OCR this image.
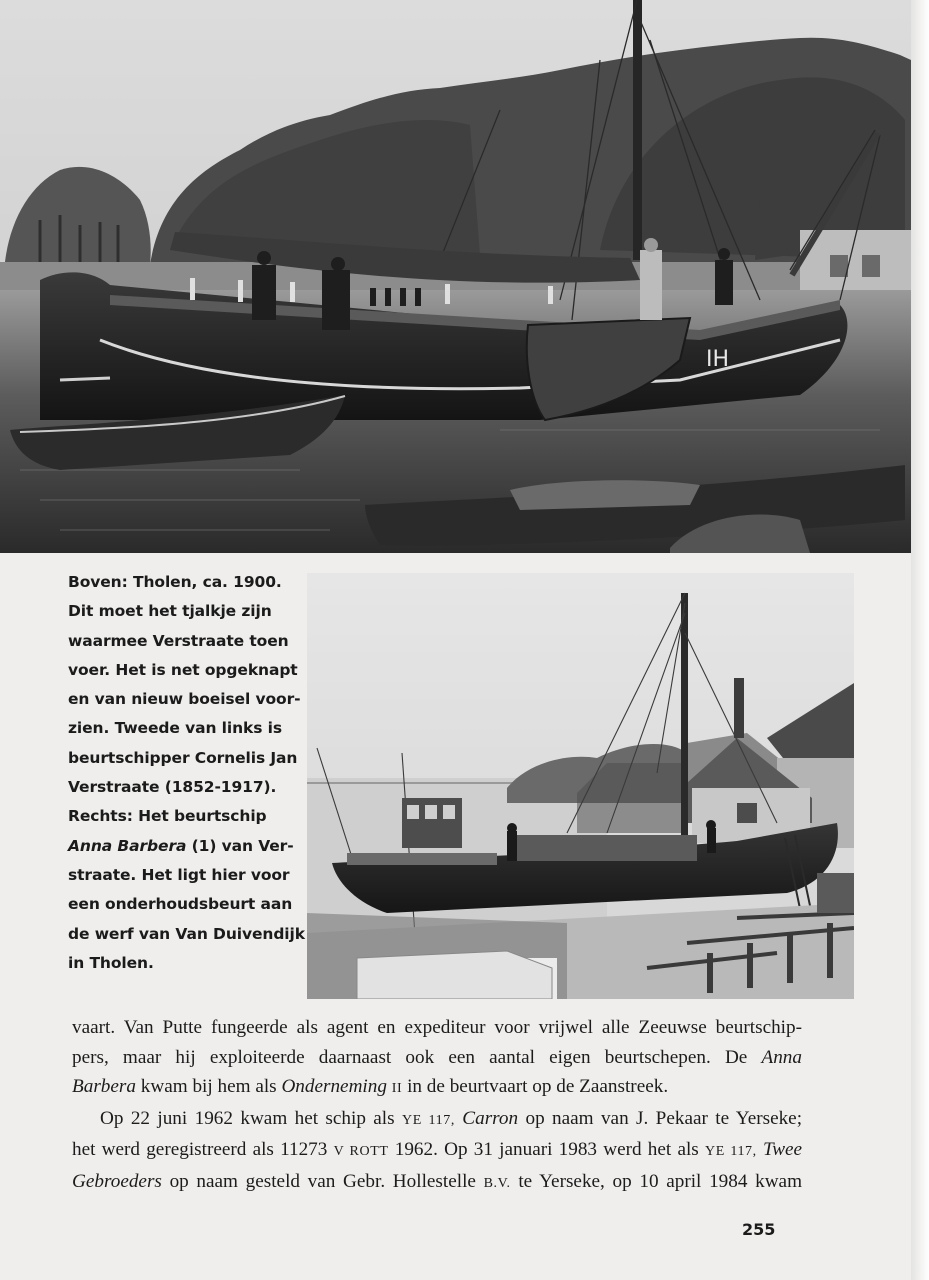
IH
Boven: Tholen, ca. 1900.
Dit moet het tjalkje zijn
waarmee Verstraate toen
voer. Het is net opgeknapt
en van nieuw boeisel voor-
zien. Tweede van links is
beurtschipper Cornelis Jan
Verstraate (1852-1917).
Rechts: Het beurtschip
Anna Barbera (1) van Ver-
straate. Het ligt hier voor
een onderhoudsbeurt aan
de werf van Van Duivendijk
in Tholen.
vaart. Van Putte fungeerde als agent en expediteur voor vrijwel alle Zeeuwse beurtschip-
pers, maar hij exploiteerde daarnaast ook een aantal eigen beurtschepen. De Anna
Barbera kwam bij hem als Onderneming II in de beurtvaart op de Zaanstreek.
Op 22 juni 1962 kwam het schip als YE 117, Carron op naam van J. Pekaar te Yerseke;
het werd geregistreerd als 11273 V ROTT 1962. Op 31 januari 1983 werd het als YE 117, Twee
Gebroeders op naam gesteld van Gebr. Hollestelle B.V. te Yerseke, op 10 april 1984 kwam
255
